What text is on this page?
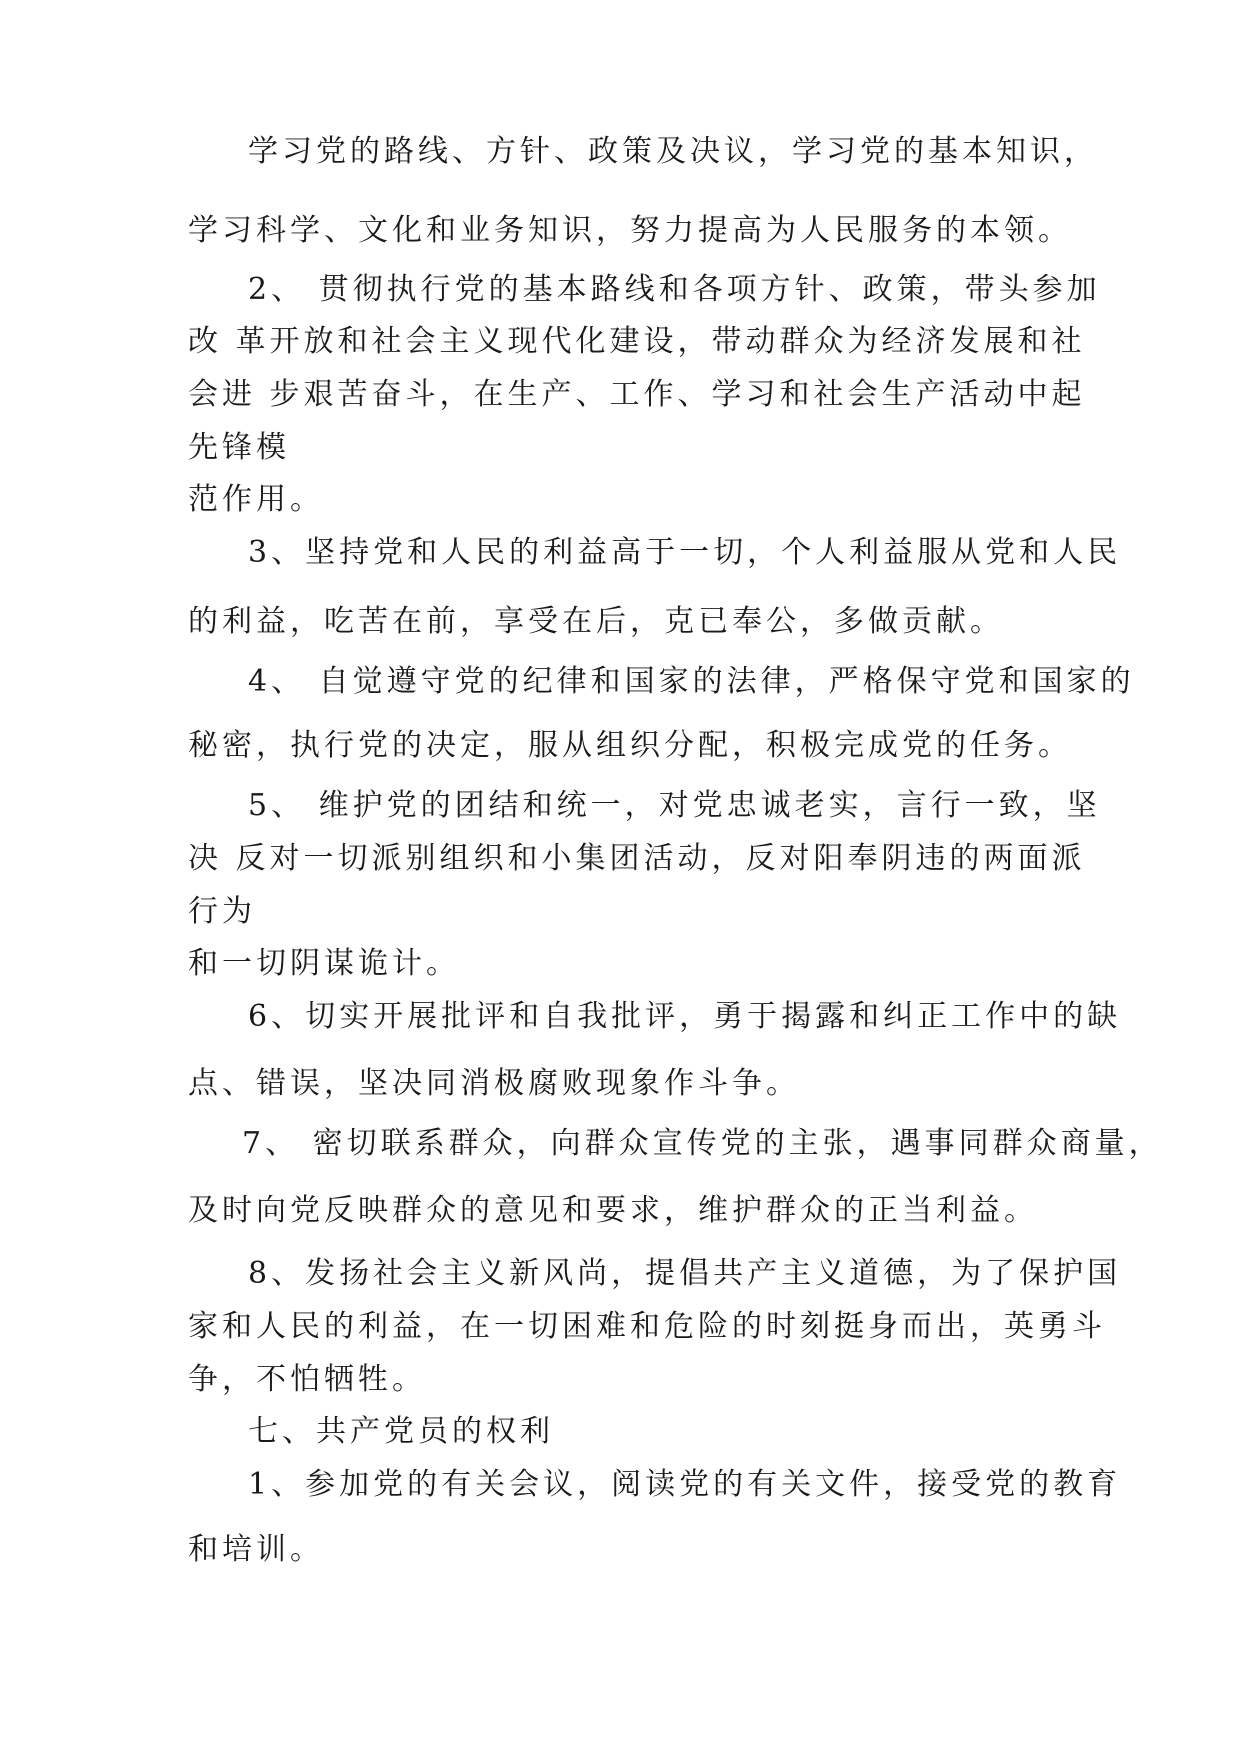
学习党的路线、方针、政策及决议，学习党的基本知识，
学习科学、文化和业务知识，努力提高为人民服务的本领。
2、 贯彻执行党的基本路线和各项方针、政策，带头参加
改 革开放和社会主义现代化建设，带动群众为经济发展和社
会进 步艰苦奋斗，在生产、工作、学习和社会生产活动中起
先锋模
范作用。
3、坚持党和人民的利益高于一切，个人利益服从党和人民
的利益，吃苦在前，享受在后，克已奉公，多做贡献。
4、 自觉遵守党的纪律和国家的法律，严格保守党和国家的
秘密，执行党的决定，服从组织分配，积极完成党的任务。
5、 维护党的团结和统一，对党忠诚老实，言行一致，坚
决 反对一切派别组织和小集团活动，反对阳奉阴违的两面派
行为
和一切阴谋诡计。
6、切实开展批评和自我批评，勇于揭露和纠正工作中的缺
点、错误，坚决同消极腐败现象作斗争。
7、 密切联系群众，向群众宣传党的主张，遇事同群众商量，
及时向党反映群众的意见和要求，维护群众的正当利益。
8、发扬社会主义新风尚，提倡共产主义道德，为了保护国
家和人民的利益，在一切困难和危险的时刻挺身而出，英勇斗
争，不怕牺牲。
七、共产党员的权利
1、参加党的有关会议，阅读党的有关文件，接受党的教育
和培训。
